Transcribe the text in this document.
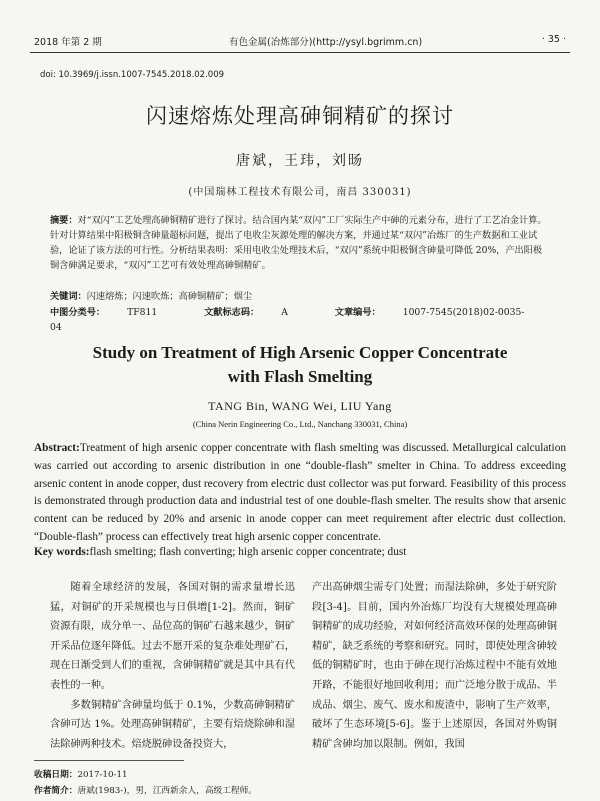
2018 年第 2 期	有色金属(冶炼部分)(http://ysyl.bgrimm.cn)	· 35 ·
doi: 10.3969/j.issn.1007-7545.2018.02.009
闪速熔炼处理高砷铜精矿的探讨
唐斌，王玮，刘旸
(中国瑞林工程技术有限公司，南昌 330031)
摘要：对“双闪”工艺处理高砷铜精矿进行了探讨。结合国内某“双闪”工厂实际生产中砷的元素分布，进行了工艺冶金计算。针对计算结果中阳极铜含砷量超标问题，提出了电收尘灰源处理的解决方案，并通过某“双闪”冶炼厂的生产数据和工业试验，论证了该方法的可行性。分析结果表明：采用电收尘处理技术后，“双闪”系统中阳极铜含砷量可降低 20%，产出阳极铜含砷满足要求，“双闪”工艺可有效处理高砷铜精矿。
关键词：闪速熔炼；闪速吹炼；高砷铜精矿；烟尘
中图分类号： TF811	文献标志码： A	文章编号： 1007-7545(2018)02-0035-04
Study on Treatment of High Arsenic Copper Concentrate
with Flash Smelting
TANG Bin, WANG Wei, LIU Yang
(China Nerin Engineering Co., Ltd., Nanchang 330031, China)
Abstract:Treatment of high arsenic copper concentrate with flash smelting was discussed. Metallurgical calculation was carried out according to arsenic distribution in one “double-flash” smelter in China. To address exceeding arsenic content in anode copper, dust recovery from electric dust collector was put forward. Feasibility of this process is demonstrated through production data and industrial test of one double-flash smelter. The results show that arsenic content can be reduced by 20% and arsenic in anode copper can meet requirement after electric dust collection. “Double-flash” process can effectively treat high arsenic copper concentrate.
Key words:flash smelting; flash converting; high arsenic copper concentrate; dust

随着全球经济的发展，各国对铜的需求量增长迅猛，对铜矿的开采规模也与日俱增[1-2]。然而，铜矿资源有限，成分单一、品位高的铜矿石越来越少，铜矿开采品位逐年降低。过去不愿开采的复杂难处理矿石，现在日渐受到人们的重视，含砷铜精矿就是其中具有代表性的一种。

多数铜精矿含砷量均低于 0.1%，少数高砷铜精矿含砷可达 1%。处理高砷铜精矿，主要有焙烧除砷和湿法除砷两种技术。焙烧脱砷设备投资大，

产出高砷烟尘需专门处置；而湿法除砷，多处于研究阶段[3-4]。目前，国内外冶炼厂均没有大规模处理高砷铜精矿的成功经验，对如何经济高效环保的处理高砷铜精矿，缺乏系统的考察和研究。同时，即使处理含砷较低的铜精矿时，也由于砷在现行冶炼过程中不能有效地开路，不能很好地回收利用；而广泛地分散于成品、半成品、烟尘、废气、废水和废渣中，影响了生产效率，破坏了生态环境[5-6]。鉴于上述原因，各国对外购铜精矿含砷均加以限制。例如，我国

收稿日期：2017-10-11
作者简介：唐斌(1983-)，男，江西新余人，高级工程师。
